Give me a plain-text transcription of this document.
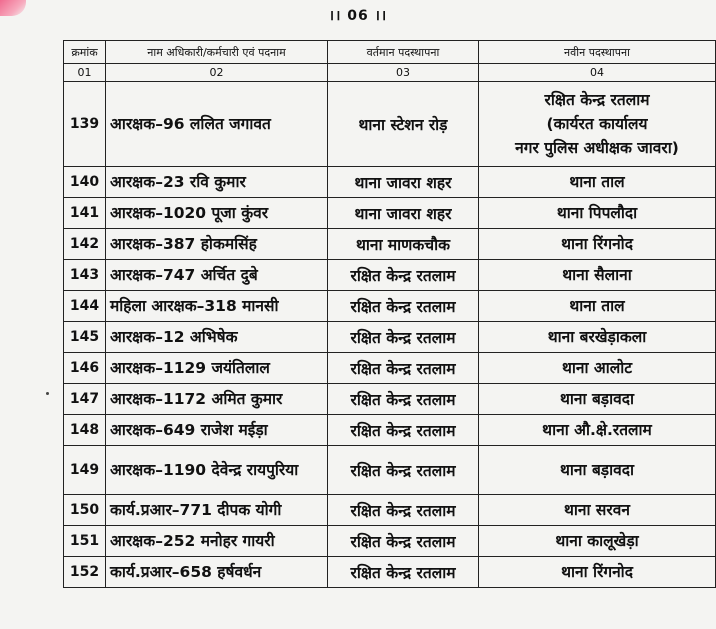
।। 06 ।।
क्रमांक	नाम अधिकारी/कर्मचारी एवं पदनाम	वर्तमान पदस्थापना	नवीन पदस्थापना
01	02	03	04
139	आरक्षक–96 ललित जगावत	थाना स्टेशन रोड़	रक्षित केन्द्र रतलाम
(कार्यरत कार्यालय
नगर पुलिस अधीक्षक जावरा)

140	आरक्षक–23 रवि कुमार	थाना जावरा शहर	थाना ताल

141	आरक्षक–1020 पूजा कुंवर	थाना जावरा शहर	थाना पिपलौदा

142	आरक्षक–387 होकमसिंह	थाना माणकचौक	थाना रिंगनोद

143	आरक्षक–747 अर्चित दुबे	रक्षित केन्द्र रतलाम	थाना सैलाना

144	महिला आरक्षक–318 मानसी	रक्षित केन्द्र रतलाम	थाना ताल

145	आरक्षक–12 अभिषेक	रक्षित केन्द्र रतलाम	थाना बरखेड़ाकला

146	आरक्षक–1129 जयंतिलाल	रक्षित केन्द्र रतलाम	थाना आलोट

147	आरक्षक–1172 अमित कुमार	रक्षित केन्द्र रतलाम	थाना बड़ावदा

148	आरक्षक–649 राजेश मईड़ा	रक्षित केन्द्र रतलाम	थाना औ.क्षे.रतलाम

149	आरक्षक–1190 देवेन्द्र रायपुरिया	रक्षित केन्द्र रतलाम	थाना बड़ावदा

150	कार्य.प्रआर–771 दीपक योगी	रक्षित केन्द्र रतलाम	थाना सरवन

151	आरक्षक–252 मनोहर गायरी	रक्षित केन्द्र रतलाम	थाना कालूखेड़ा

152	कार्य.प्रआर–658 हर्षवर्धन	रक्षित केन्द्र रतलाम	थाना रिंगनोद
